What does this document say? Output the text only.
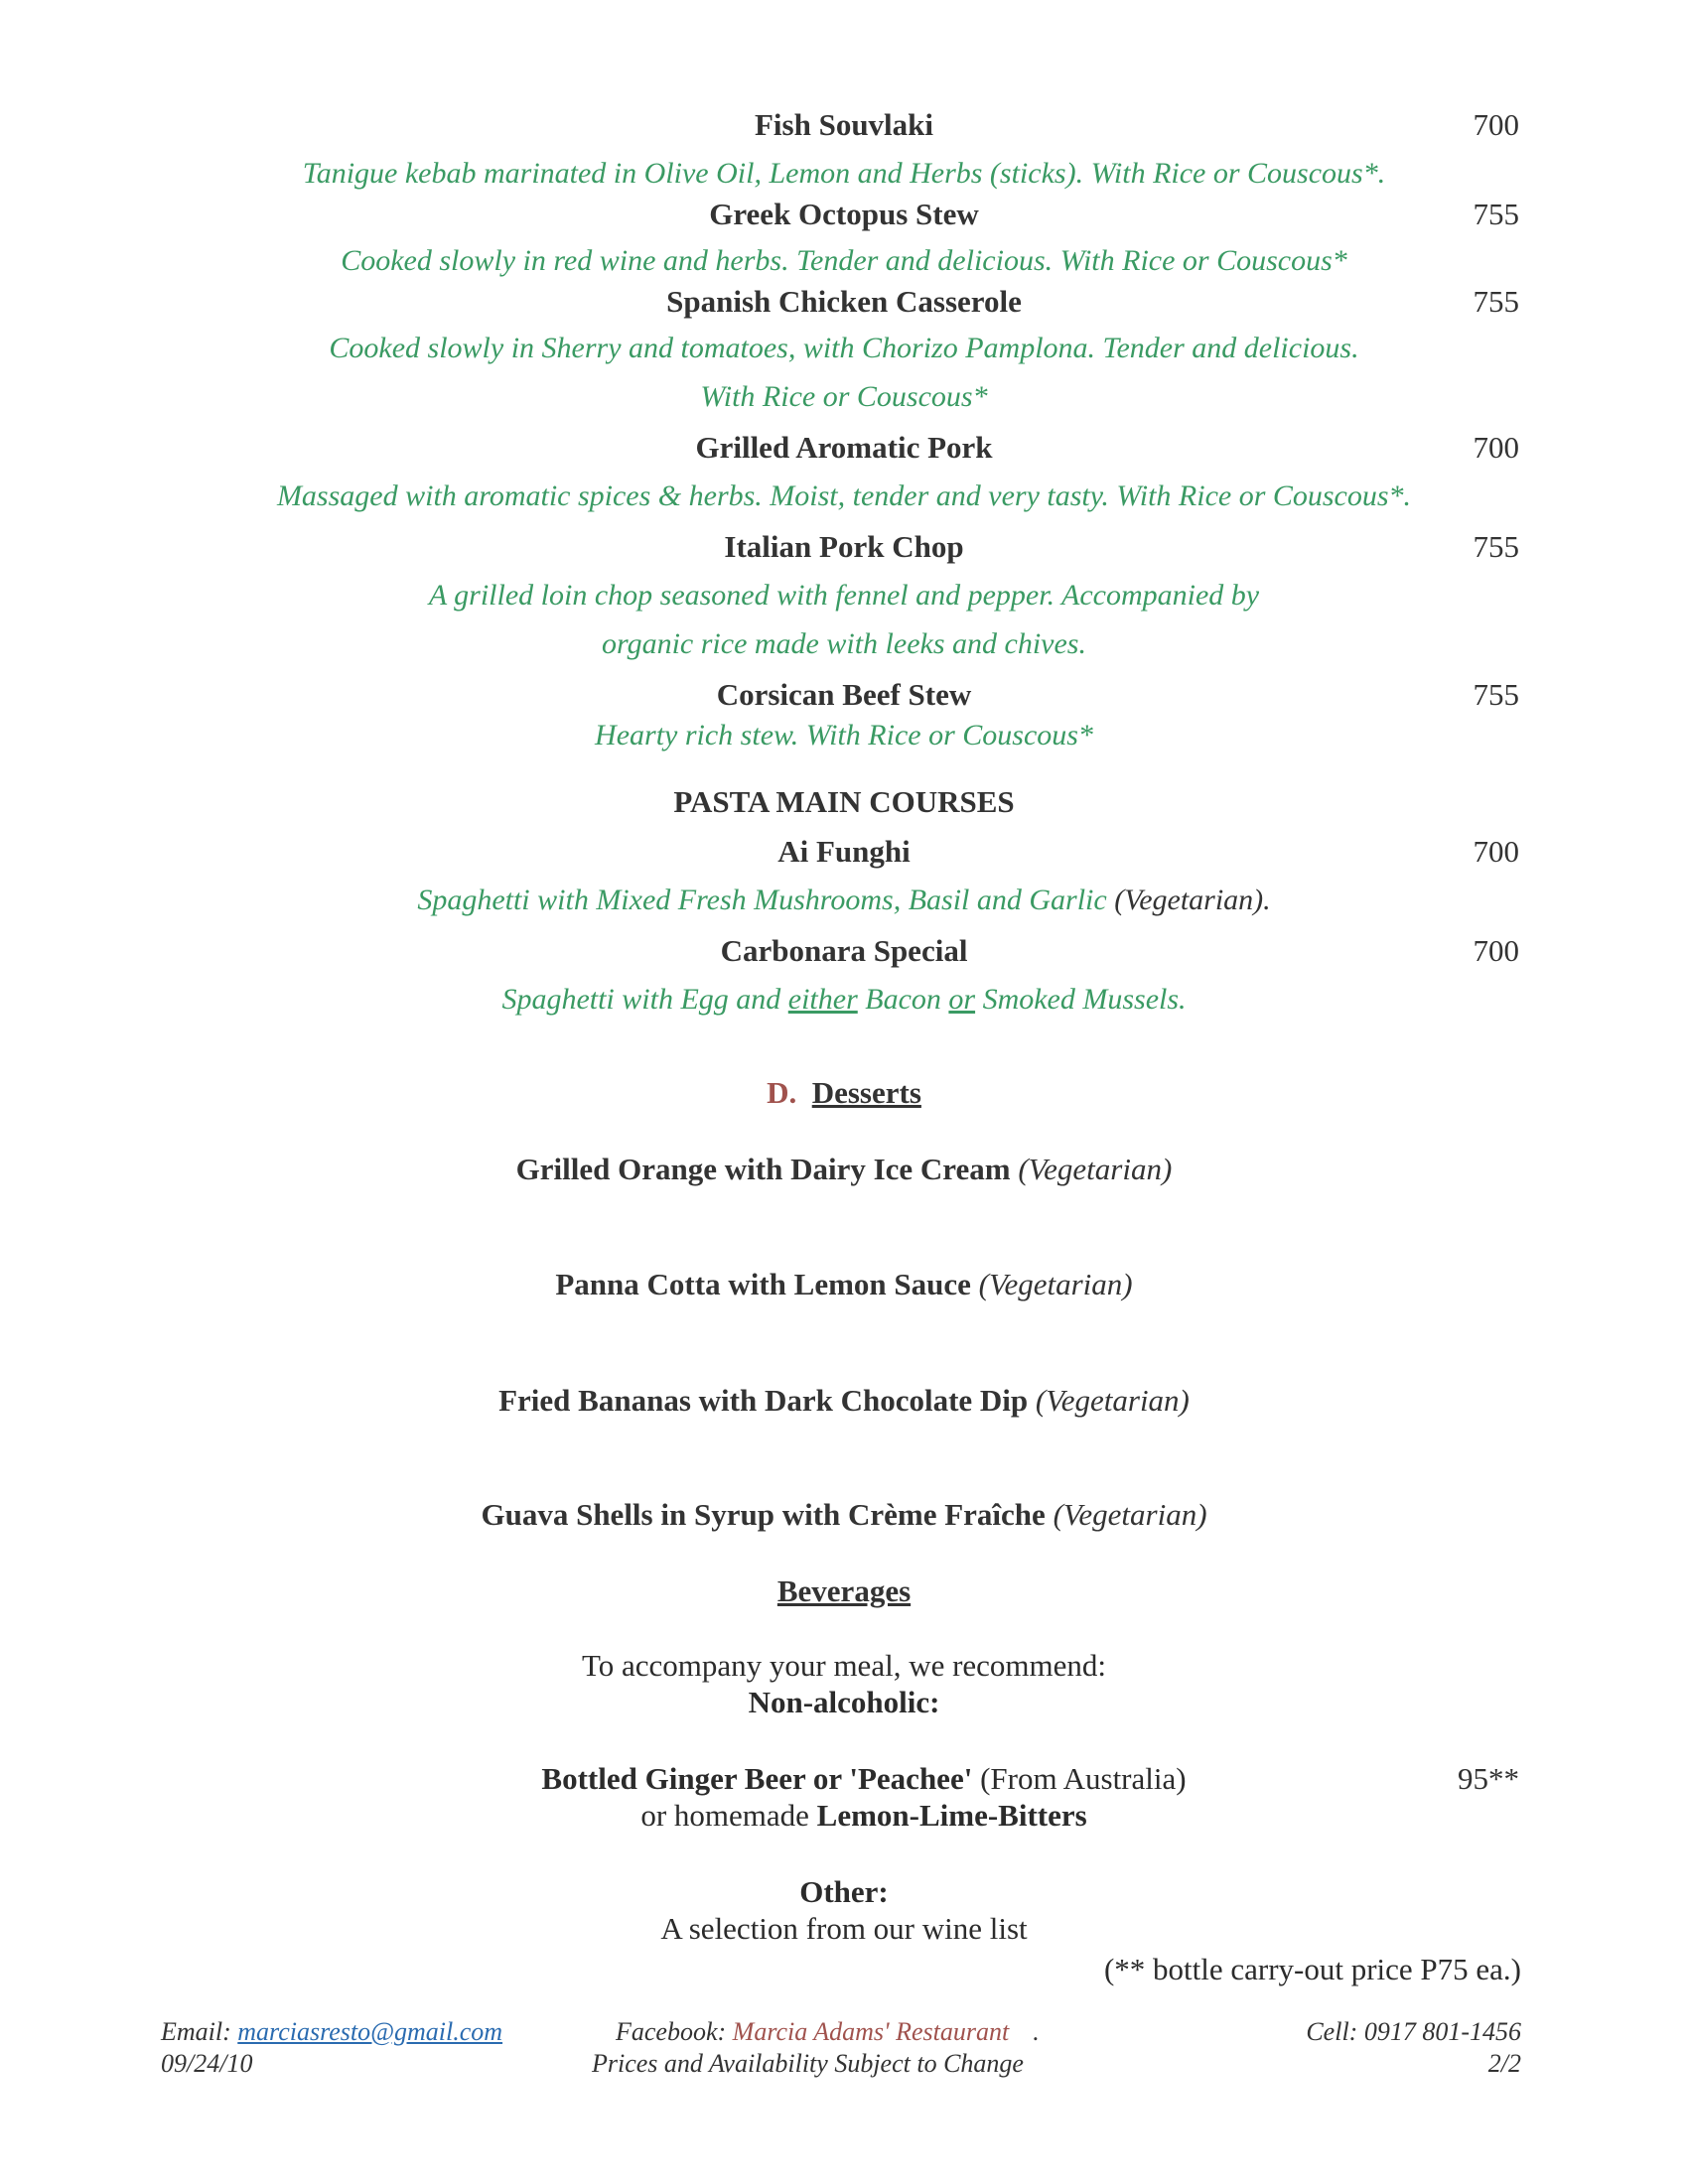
Fish Souvlaki	700
Tanigue kebab marinated in Olive Oil, Lemon and Herbs (sticks). With Rice or Couscous*.
Greek Octopus Stew	755
Cooked slowly in red wine and herbs. Tender and delicious. With Rice or Couscous*
Spanish Chicken Casserole	755
Cooked slowly in Sherry and tomatoes, with Chorizo Pamplona. Tender and delicious.
With Rice or Couscous*
Grilled Aromatic Pork	700
Massaged with aromatic spices & herbs. Moist, tender and very tasty. With Rice or Couscous*.
Italian Pork Chop	755
A grilled loin chop seasoned with fennel and pepper. Accompanied by
organic rice made with leeks and chives.
Corsican Beef Stew	755
Hearty rich stew. With Rice or Couscous*
PASTA MAIN COURSES
Ai Funghi	700
Spaghetti with Mixed Fresh Mushrooms, Basil and Garlic (Vegetarian).
Carbonara Special	700
Spaghetti with Egg and either Bacon or Smoked Mussels.
D. Desserts
Grilled Orange with Dairy Ice Cream (Vegetarian)
Panna Cotta with Lemon Sauce (Vegetarian)
Fried Bananas with Dark Chocolate Dip (Vegetarian)
Guava Shells in Syrup with Crème Fraîche (Vegetarian)
Beverages
To accompany your meal, we recommend:
Non-alcoholic:
Bottled Ginger Beer or 'Peachee' (From Australia)	95**
or homemade Lemon-Lime-Bitters
Other:
A selection from our wine list
(** bottle carry-out price P75 ea.)
Email: marciasresto@gmail.com
09/24/10
Facebook: Marcia Adams' Restaurant .
Prices and Availability Subject to Change
Cell: 0917 801-1456
2/2
